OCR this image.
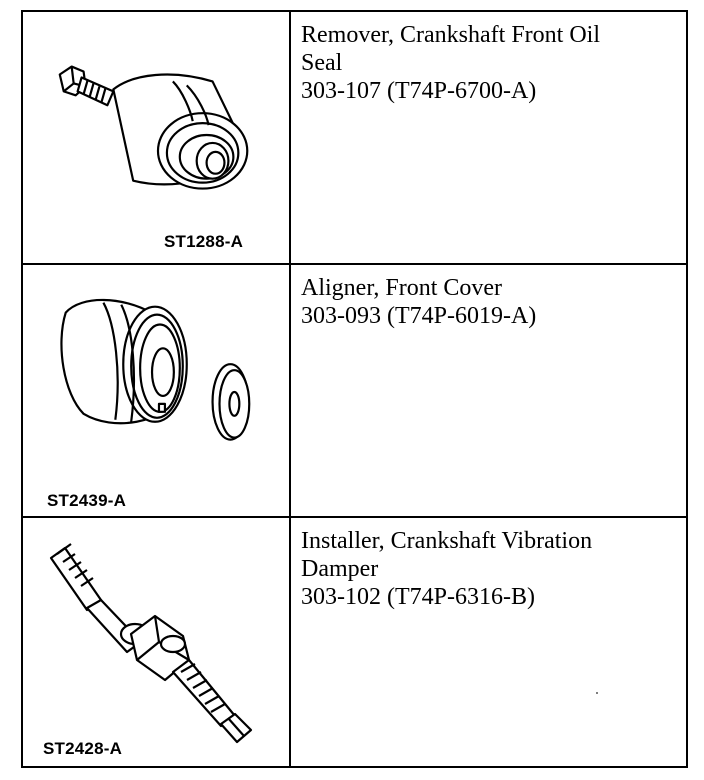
ST1288-A

Remover, Crankshaft Front Oil
Seal
303-107 (T74P-6700-A)

ST2439-A

Aligner, Front Cover
303-093 (T74P-6019-A)

ST2428-A

Installer, Crankshaft Vibration
Damper
303-102 (T74P-6316-B)
